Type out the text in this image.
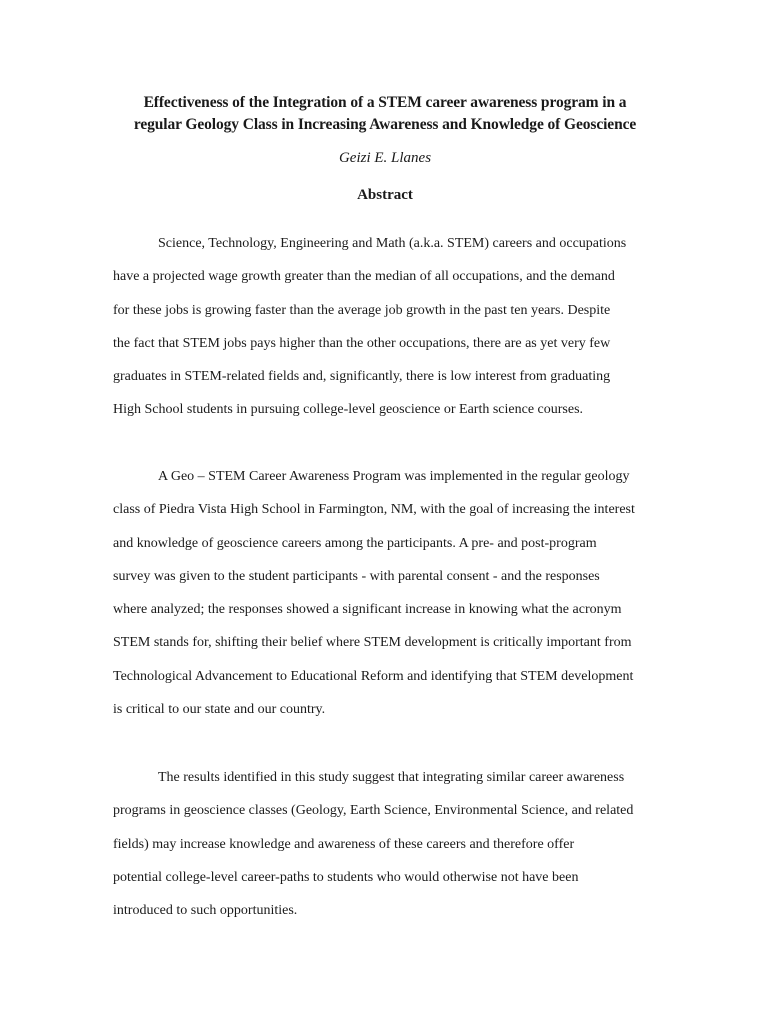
Effectiveness of the Integration of a STEM career awareness program in a
regular Geology Class in Increasing Awareness and Knowledge of Geoscience
Geizi E. Llanes
Abstract
Science, Technology, Engineering and Math (a.k.a. STEM) careers and occupations
have a projected wage growth greater than the median of all occupations, and the demand
for these jobs is growing faster than the average job growth in the past ten years. Despite
the fact that STEM jobs pays higher than the other occupations, there are as yet very few
graduates in STEM-related fields and, significantly, there is low interest from graduating
High School students in pursuing college-level geoscience or Earth science courses.
A Geo – STEM Career Awareness Program was implemented in the regular geology
class of Piedra Vista High School in Farmington, NM, with the goal of increasing the interest
and knowledge of geoscience careers among the participants. A pre- and post-program
survey was given to the student participants - with parental consent - and the responses
where analyzed; the responses showed a significant increase in knowing what the acronym
STEM stands for, shifting their belief where STEM development is critically important from
Technological Advancement to Educational Reform and identifying that STEM development
is critical to our state and our country.
The results identified in this study suggest that integrating similar career awareness
programs in geoscience classes (Geology, Earth Science, Environmental Science, and related
fields) may increase knowledge and awareness of these careers and therefore offer
potential college-level career-paths to students who would otherwise not have been
introduced to such opportunities.
